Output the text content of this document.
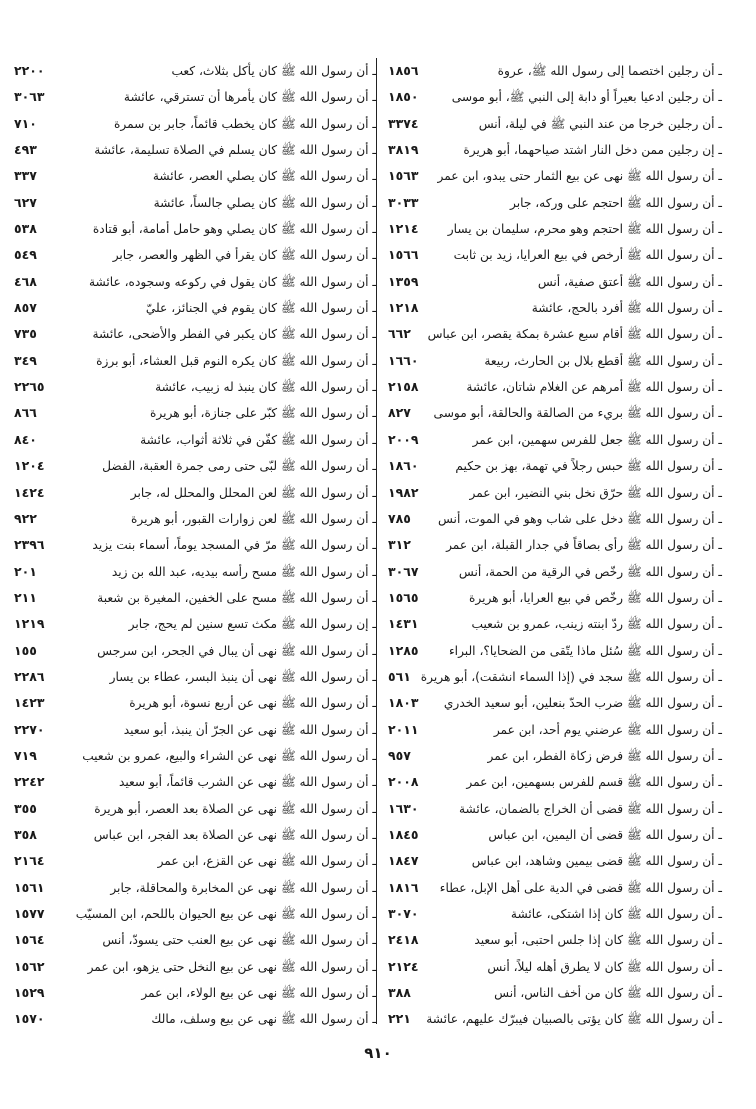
ـ أن رجلين اختصما إلى رسول الله ﷺ، عروة
١٨٥٦
ـ أن رجلين ادعيا بعيراً أو دابة إلى النبي ﷺ، أبو موسى
١٨٥٠
ـ أن رجلين خرجا من عند النبي ﷺ في ليلة، أنس
٣٣٧٤
ـ إن رجلين ممن دخل النار اشتد صياحهما، أبو هريرة
٣٨١٩
ـ أن رسول الله ﷺ نهى عن بيع الثمار حتى يبدو، ابن عمر
١٥٦٣
ـ أن رسول الله ﷺ احتجم على وركه، جابر
٣٠٣٣
ـ أن رسول الله ﷺ احتجم وهو محرم، سليمان بن يسار
١٢١٤
ـ أن رسول الله ﷺ أرخص في بيع العرايا، زيد بن ثابت
١٥٦٦
ـ أن رسول الله ﷺ أعتق صفية، أنس
١٣٥٩
ـ أن رسول الله ﷺ أفرد بالحج، عائشة
١٢١٨
ـ أن رسول الله ﷺ أقام سبع عشرة بمكة يقصر، ابن عباس
٦٦٢
ـ أن رسول الله ﷺ أقطع بلال بن الحارث، ربيعة
١٦٦٠
ـ أن رسول الله ﷺ أمرهم عن الغلام شاتان، عائشة
٢١٥٨
ـ أن رسول الله ﷺ بريء من الصالقة والحالقة، أبو موسى
٨٢٧
ـ أن رسول الله ﷺ جعل للفرس سهمين، ابن عمر
٢٠٠٩
ـ أن رسول الله ﷺ حبس رجلاً في تهمة، بهز بن حكيم
١٨٦٠
ـ أن رسول الله ﷺ حرّق نخل بني النضير، ابن عمر
١٩٨٢
ـ أن رسول الله ﷺ دخل على شاب وهو في الموت، أنس
٧٨٥
ـ أن رسول الله ﷺ رأى بصاقاً في جدار القبلة، ابن عمر
٣١٢
ـ أن رسول الله ﷺ رخّص في الرقية من الحمة، أنس
٣٠٦٧
ـ أن رسول الله ﷺ رخّص في بيع العرايا، أبو هريرة
١٥٦٥
ـ أن رسول الله ﷺ ردّ ابنته زينب، عمرو بن شعيب
١٤٣١
ـ أن رسول الله ﷺ سُئل ماذا يتّقى من الضحايا؟، البراء
١٢٨٥
ـ أن رسول الله ﷺ سجد في (إذا السماء انشقت)، أبو هريرة
٥٦١
ـ أن رسول الله ﷺ ضرب الحدّ بنعلين، أبو سعيد الخدري
١٨٠٣
ـ أن رسول الله ﷺ عرضني يوم أحد، ابن عمر
٢٠١١
ـ أن رسول الله ﷺ فرض زكاة الفطر، ابن عمر
٩٥٧
ـ أن رسول الله ﷺ قسم للفرس بسهمين، ابن عمر
٢٠٠٨
ـ أن رسول الله ﷺ قضى أن الخراج بالضمان، عائشة
١٦٣٠
ـ أن رسول الله ﷺ قضى أن اليمين، ابن عباس
١٨٤٥
ـ أن رسول الله ﷺ قضى بيمين وشاهد، ابن عباس
١٨٤٧
ـ أن رسول الله ﷺ قضى في الدية على أهل الإبل، عطاء
١٨١٦
ـ أن رسول الله ﷺ كان إذا اشتكى، عائشة
٣٠٧٠
ـ أن رسول الله ﷺ كان إذا جلس احتبى، أبو سعيد
٢٤١٨
ـ أن رسول الله ﷺ كان لا يطرق أهله ليلاً، أنس
٢١٢٤
ـ أن رسول الله ﷺ كان من أخف الناس، أنس
٣٨٨
ـ أن رسول الله ﷺ كان يؤتى بالصبيان فيبرّك عليهم، عائشة
٢٢١
ـ أن رسول الله ﷺ كان يأكل بثلاث، كعب
٢٢٠٠
ـ أن رسول الله ﷺ كان يأمرها أن تسترقي، عائشة
٣٠٦٣
ـ أن رسول الله ﷺ كان يخطب قائماً، جابر بن سمرة
٧١٠
ـ أن رسول الله ﷺ كان يسلم في الصلاة تسليمة، عائشة
٤٩٣
ـ أن رسول الله ﷺ كان يصلي العصر، عائشة
٣٣٧
ـ أن رسول الله ﷺ كان يصلي جالساً، عائشة
٦٢٧
ـ أن رسول الله ﷺ كان يصلي وهو حامل أمامة، أبو قتادة
٥٣٨
ـ أن رسول الله ﷺ كان يقرأ في الظهر والعصر، جابر
٥٤٩
ـ أن رسول الله ﷺ كان يقول في ركوعه وسجوده، عائشة
٤٦٨
ـ أن رسول الله ﷺ كان يقوم في الجنائز، عليّ
٨٥٧
ـ أن رسول الله ﷺ كان يكبر في الفطر والأضحى، عائشة
٧٣٥
ـ أن رسول الله ﷺ كان يكره النوم قبل العشاء، أبو برزة
٣٤٩
ـ أن رسول الله ﷺ كان ينبذ له زبيب، عائشة
٢٢٦٥
ـ أن رسول الله ﷺ كبّر على جنازة، أبو هريرة
٨٦٦
ـ أن رسول الله ﷺ كفّن في ثلاثة أثواب، عائشة
٨٤٠
ـ أن رسول الله ﷺ لبّى حتى رمى جمرة العقبة، الفضل
١٢٠٤
ـ أن رسول الله ﷺ لعن المحلل والمحلل له، جابر
١٤٢٤
ـ أن رسول الله ﷺ لعن زوارات القبور، أبو هريرة
٩٢٢
ـ أن رسول الله ﷺ مرّ في المسجد يوماً، أسماء بنت يزيد
٢٣٩٦
ـ أن رسول الله ﷺ مسح رأسه بيديه، عبد الله بن زيد
٢٠١
ـ أن رسول الله ﷺ مسح على الخفين، المغيرة بن شعبة
٢١١
ـ إن رسول الله ﷺ مكث تسع سنين لم يحج، جابر
١٢١٩
ـ أن رسول الله ﷺ نهى أن يبال في الجحر، ابن سرجس
١٥٥
ـ أن رسول الله ﷺ نهى أن ينبذ البسر، عطاء بن يسار
٢٢٨٦
ـ أن رسول الله ﷺ نهى عن أربع نسوة، أبو هريرة
١٤٢٣
ـ أن رسول الله ﷺ نهى عن الجرّ أن ينبذ، أبو سعيد
٢٢٧٠
ـ أن رسول الله ﷺ نهى عن الشراء والبيع، عمرو بن شعيب
٧١٩
ـ أن رسول الله ﷺ نهى عن الشرب قائماً، أبو سعيد
٢٢٤٢
ـ أن رسول الله ﷺ نهى عن الصلاة بعد العصر، أبو هريرة
٣٥٥
ـ أن رسول الله ﷺ نهى عن الصلاة بعد الفجر، ابن عباس
٣٥٨
ـ أن رسول الله ﷺ نهى عن القزع، ابن عمر
٢١٦٤
ـ أن رسول الله ﷺ نهى عن المخابرة والمحاقلة، جابر
١٥٦١
ـ أن رسول الله ﷺ نهى عن بيع الحيوان باللحم، ابن المسيّب
١٥٧٧
ـ أن رسول الله ﷺ نهى عن بيع العنب حتى يسودّ، أنس
١٥٦٤
ـ أن رسول الله ﷺ نهى عن بيع النخل حتى يزهو، ابن عمر
١٥٦٢
ـ أن رسول الله ﷺ نهى عن بيع الولاء، ابن عمر
١٥٢٩
ـ أن رسول الله ﷺ نهى عن بيع وسلف، مالك
١٥٧٠
٩١٠
